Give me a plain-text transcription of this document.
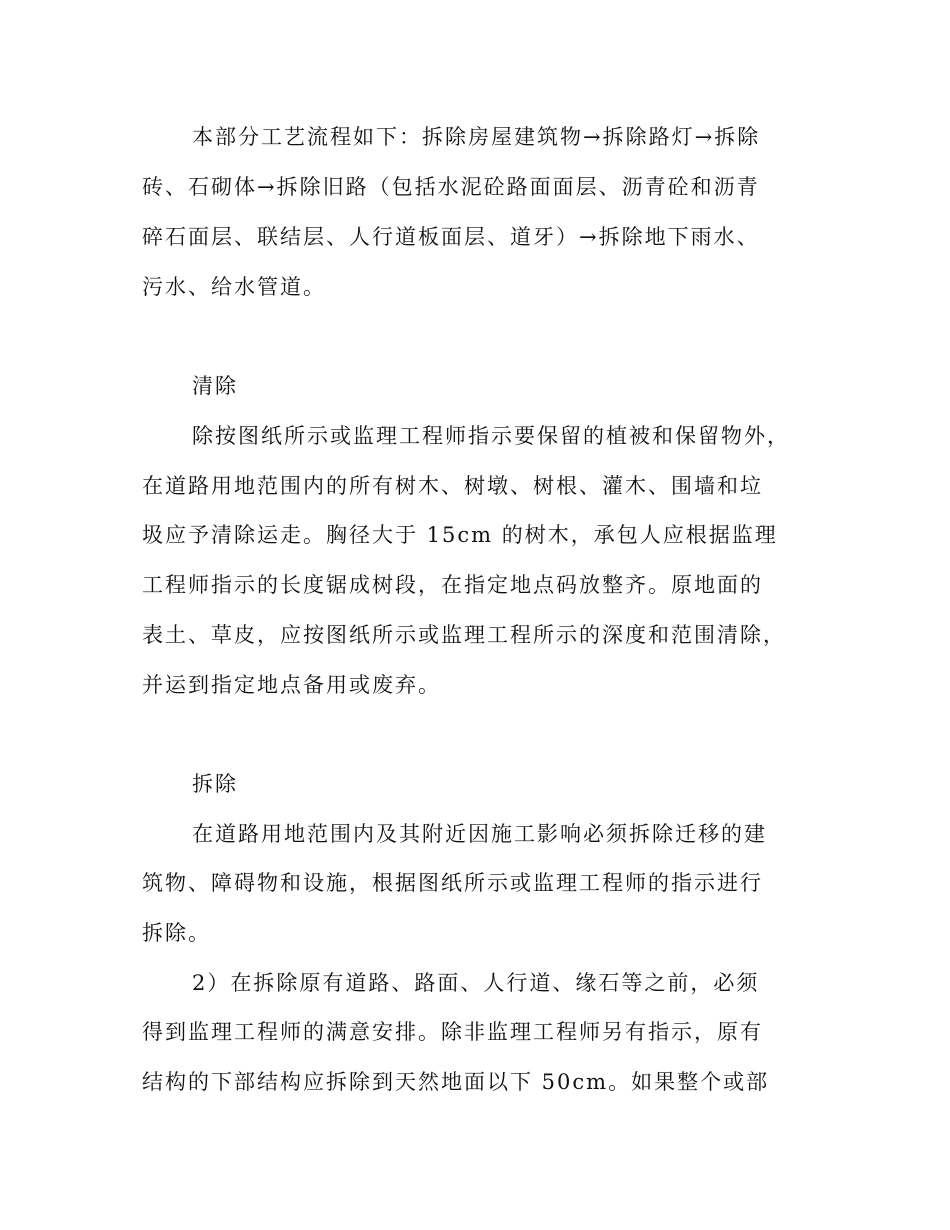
本部分工艺流程如下：拆除房屋建筑物→拆除路灯→拆除
砖、石砌体→拆除旧路（包括水泥砼路面面层、沥青砼和沥青
碎石面层、联结层、人行道板面层、道牙）→拆除地下雨水、
污水、给水管道。
清除
除按图纸所示或监理工程师指示要保留的植被和保留物外，
在道路用地范围内的所有树木、树墩、树根、灌木、围墙和垃
圾应予清除运走。胸径大于 15cm 的树木，承包人应根据监理
工程师指示的长度锯成树段，在指定地点码放整齐。原地面的
表土、草皮，应按图纸所示或监理工程所示的深度和范围清除，
并运到指定地点备用或废弃。
拆除
在道路用地范围内及其附近因施工影响必须拆除迁移的建
筑物、障碍物和设施，根据图纸所示或监理工程师的指示进行
拆除。
2）在拆除原有道路、路面、人行道、缘石等之前，必须
得到监理工程师的满意安排。除非监理工程师另有指示，原有
结构的下部结构应拆除到天然地面以下 50cm。如果整个或部
